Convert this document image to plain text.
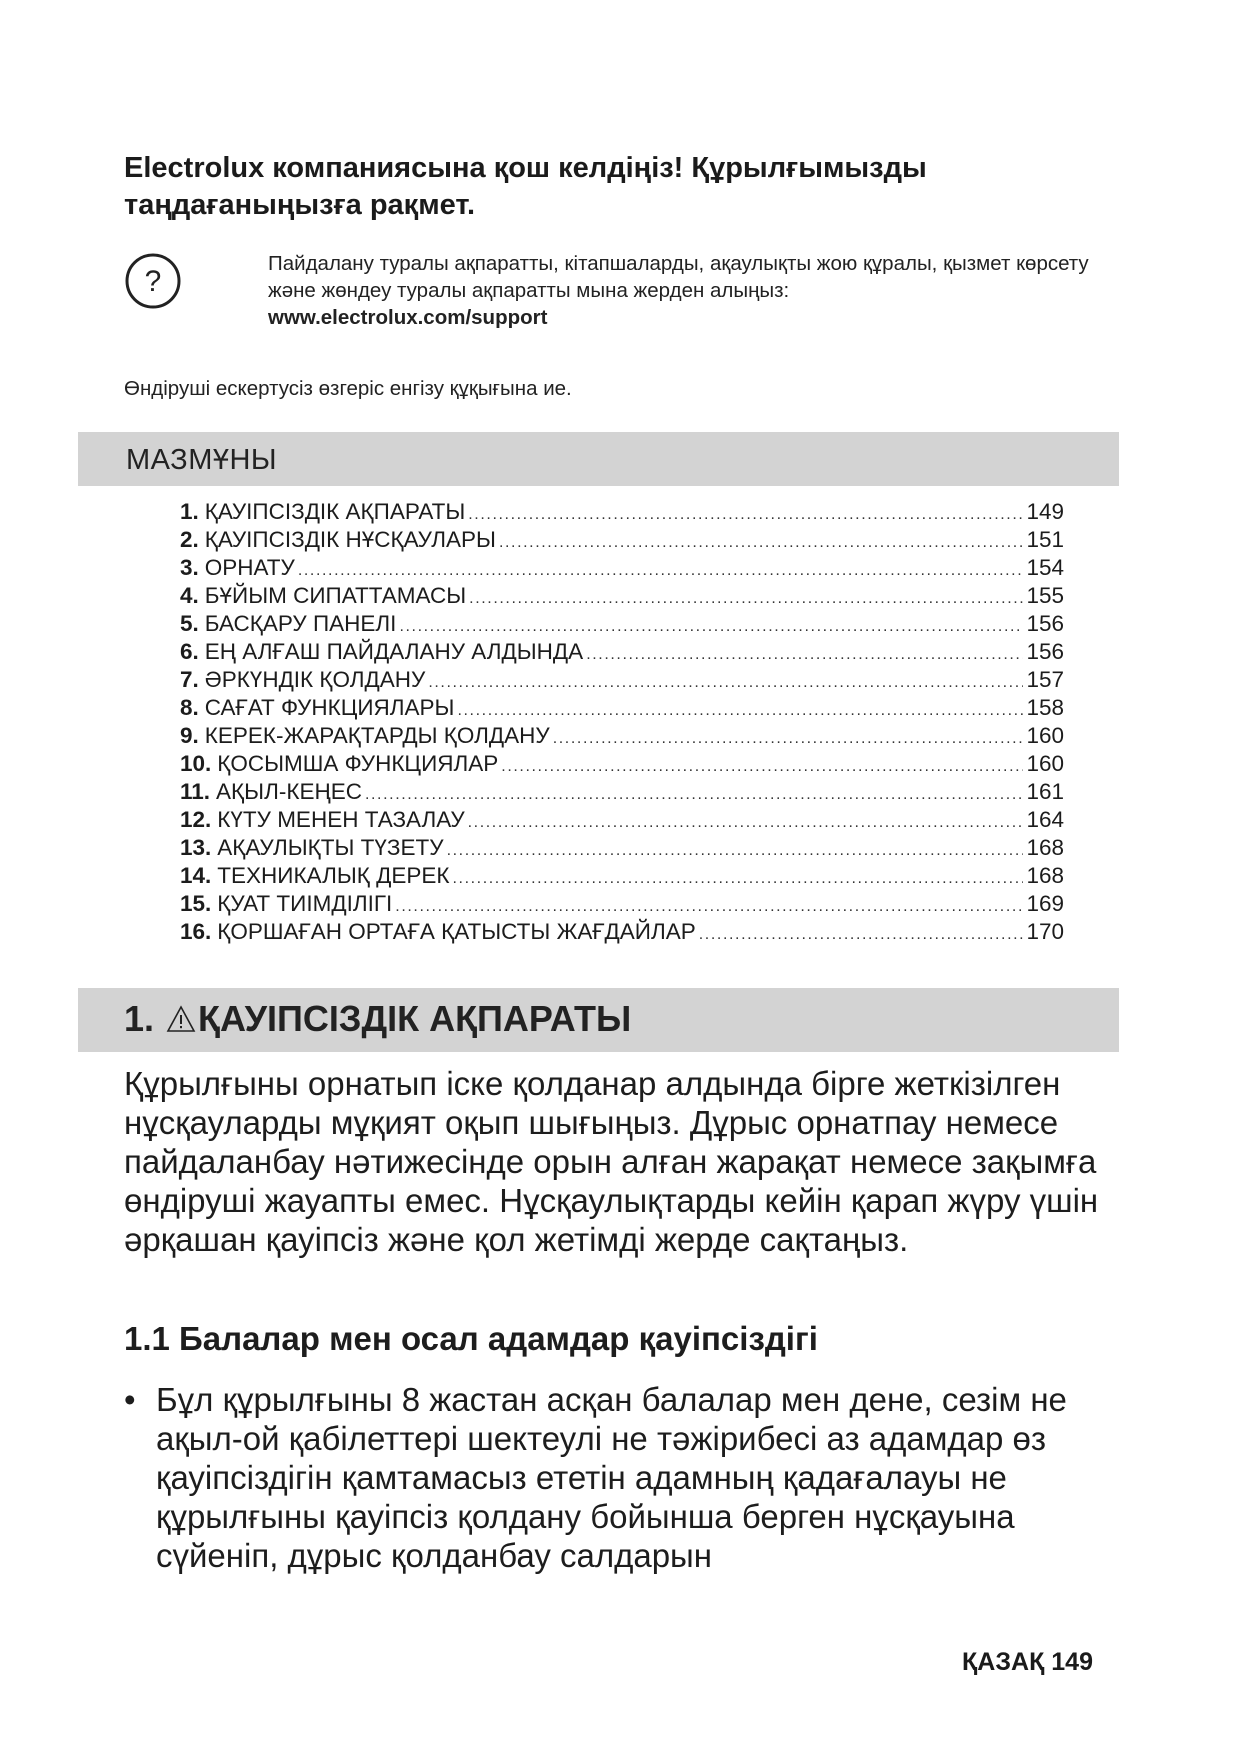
Electrolux компаниясына қош келдіңіз! Құрылғымызды таңдағаныңызға рақмет.
?
Пайдалану туралы ақпаратты, кітапшаларды, ақаулықты жою құралы, қызмет көрсету және жөндеу туралы ақпаратты мына жерден алыңыз:
www.electrolux.com/support
Өндіруші ескертусіз өзгеріс енгізу құқығына ие.
МАЗМҰНЫ
1. ҚАУІПСІЗДІК АҚПАРАТЫ .....	149
2. ҚАУІПСІЗДІК НҰСҚАУЛАРЫ .....	151
3. ОРНАТУ .....	154
4. БҰЙЫМ СИПАТТАМАСЫ .....	155
5. БАСҚАРУ ПАНЕЛІ .....	156
6. ЕҢ АЛҒАШ ПАЙДАЛАНУ АЛДЫНДА .....	156
7. ӘРКҮНДІК ҚОЛДАНУ .....	157
8. САҒАТ ФУНКЦИЯЛАРЫ .....	158
9. КЕРЕК-ЖАРАҚТАРДЫ ҚОЛДАНУ .....	160
10. ҚОСЫМША ФУНКЦИЯЛАР .....	160
11. АҚЫЛ-КЕҢЕС .....	161
12. КҮТУ МЕНЕН ТАЗАЛАУ .....	164
13. АҚАУЛЫҚТЫ ТҮЗЕТУ .....	168
14. ТЕХНИКАЛЫҚ ДЕРЕК .....	168
15. ҚУАТ ТИІМДІЛІГІ .....	169
16. ҚОРШАҒАН ОРТАҒА ҚАТЫСТЫ ЖАҒДАЙЛАР .....	170
1. ҚАУІПСІЗДІК АҚПАРАТЫ

Құрылғыны орнатып іске қолданар алдында бірге жеткізілген нұсқауларды мұқият оқып шығыңыз. Дұрыс орнатпау немесе пайдаланбау нәтижесінде орын алған жарақат немесе зақымға өндіруші жауапты емес. Нұсқаулықтарды кейін қарап жүру үшін әрқашан қауіпсіз және қол жетімді жерде сақтаңыз.

1.1 Балалар мен осал адамдар қауіпсіздігі
• Бұл құрылғыны 8 жастан асқан балалар мен дене, сезім не ақыл-ой қабілеттері шектеулі не тәжірибесі аз адамдар өз қауіпсіздігін қамтамасыз ететін адамның қадағалауы не құрылғыны қауіпсіз қолдану бойынша берген нұсқауына сүйеніп, дұрыс қолданбау салдарын
ҚАЗАҚ 149
